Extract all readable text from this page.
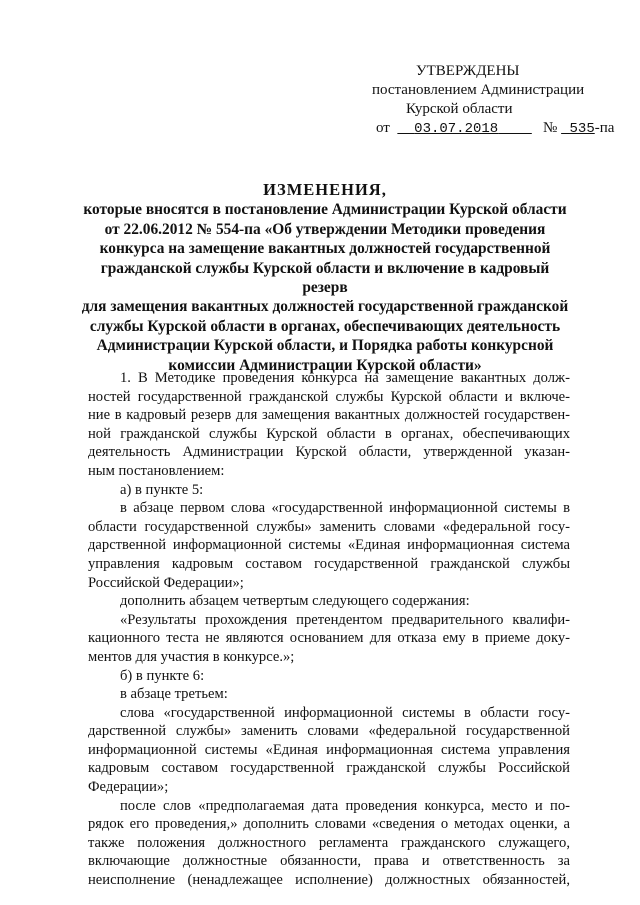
УТВЕРЖДЕНЫ
постановлением Администрации
Курской области
от 03.07.2018	№ 535-па
ИЗМЕНЕНИЯ,
которые вносятся в постановление Администрации Курской области
от 22.06.2012 № 554-па «Об утверждении Методики проведения
конкурса на замещение вакантных должностей государственной
гражданской службы Курской области и включение в кадровый резерв
для замещения вакантных должностей государственной гражданской
службы Курской области в органах, обеспечивающих деятельность
Администрации Курской области, и Порядка работы конкурсной
комиссии Администрации Курской области»

1. В Методике проведения конкурса на замещение вакантных долж-

ностей государственной гражданской службы Курской области и включе-

ние в кадровый резерв для замещения вакантных должностей государствен-

ной гражданской службы Курской области в органах, обеспечивающих

деятельность Администрации Курской области, утвержденной указан-

ным постановлением:

а) в пункте 5:

в абзаце первом слова «государственной информационной системы в

области государственной службы» заменить словами «федеральной госу-

дарственной информационной системы «Единая информационная система

управления кадровым составом государственной гражданской службы

Российской Федерации»;

дополнить абзацем четвертым следующего содержания:

«Результаты прохождения претендентом предварительного квалифи-

кационного теста не являются основанием для отказа ему в приеме доку-

ментов для участия в конкурсе.»;

б) в пункте 6:

в абзаце третьем:

слова «государственной информационной системы в области госу-

дарственной службы» заменить словами «федеральной государственной

информационной системы «Единая информационная система управления

кадровым составом государственной гражданской службы Российской

Федерации»;

после слов «предполагаемая дата проведения конкурса, место и по-

рядок его проведения,» дополнить словами «сведения о методах оценки, а

также положения должностного регламента гражданского служащего,

включающие должностные обязанности, права и ответственность за

неисполнение (ненадлежащее исполнение) должностных обязанностей,
